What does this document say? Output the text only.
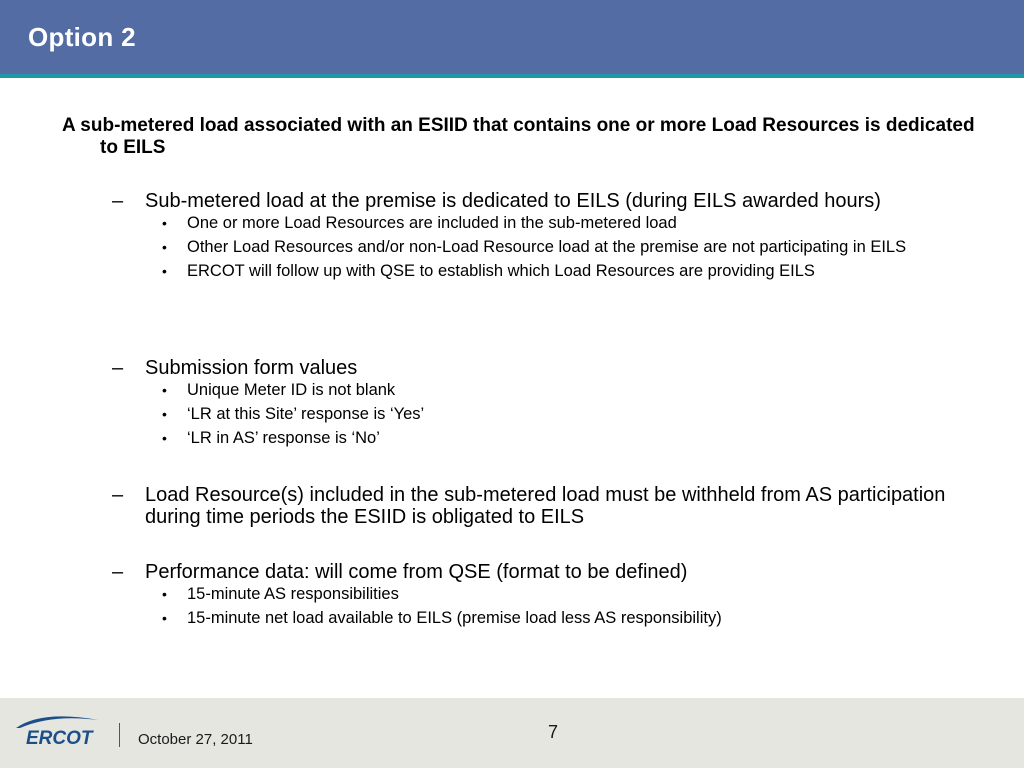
Option 2
A sub-metered load associated with an ESIID that contains one or more Load Resources is dedicated to EILS
– Sub-metered load at the premise is dedicated to EILS (during EILS awarded hours)
• One or more Load Resources are included in the sub-metered load
• Other Load Resources and/or non-Load Resource load at the premise are not participating in EILS
• ERCOT will follow up with QSE to establish which Load Resources are providing EILS
– Submission form values
• Unique Meter ID is not blank
• ‘LR at this Site’ response is ‘Yes’
• ‘LR in AS’ response is ‘No’
– Load Resource(s) included in the sub-metered load must be withheld from AS participation during time periods the ESIID is obligated to EILS
– Performance data: will come from QSE (format to be defined)
• 15-minute AS responsibilities
• 15-minute net load available to EILS (premise load less AS responsibility)
ERCOT	October 27, 2011	7
